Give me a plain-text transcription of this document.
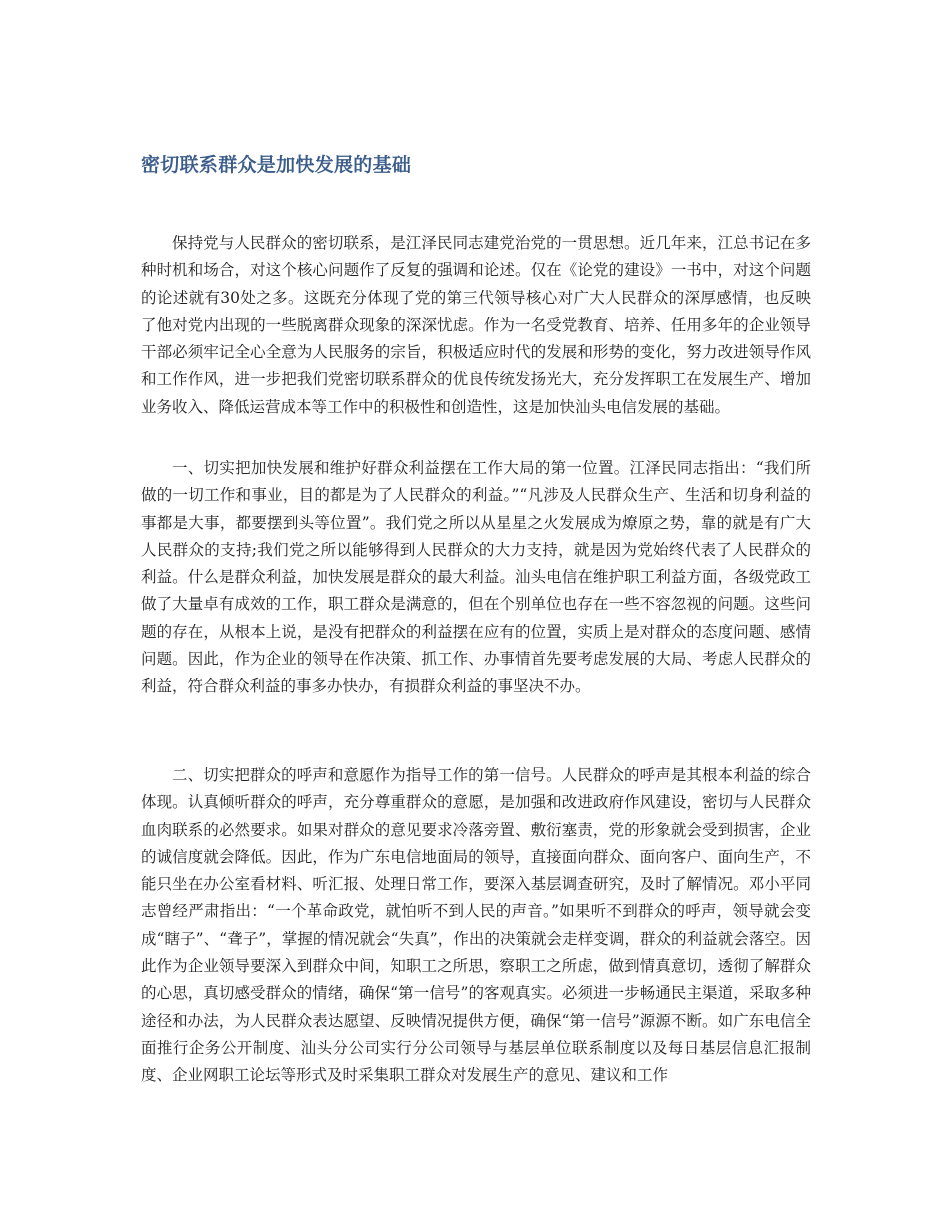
密切联系群众是加快发展的基础

保持党与人民群众的密切联系，是江泽民同志建党治党的一贯思想。近几年来，江总书记在多种时机和场合，对这个核心问题作了反复的强调和论述。仅在《论党的建设》一书中，对这个问题的论述就有30处之多。这既充分体现了党的第三代领导核心对广大人民群众的深厚感情，也反映了他对党内出现的一些脱离群众现象的深深忧虑。作为一名受党教育、培养、任用多年的企业领导干部必须牢记全心全意为人民服务的宗旨，积极适应时代的发展和形势的变化，努力改进领导作风和工作作风，进一步把我们党密切联系群众的优良传统发扬光大，充分发挥职工在发展生产、增加业务收入、降低运营成本等工作中的积极性和创造性，这是加快汕头电信发展的基础。

一、切实把加快发展和维护好群众利益摆在工作大局的第一位置。江泽民同志指出：“我们所做的一切工作和事业，目的都是为了人民群众的利益。”“凡涉及人民群众生产、生活和切身利益的事都是大事，都要摆到头等位置”。我们党之所以从星星之火发展成为燎原之势，靠的就是有广大人民群众的支持;我们党之所以能够得到人民群众的大力支持，就是因为党始终代表了人民群众的利益。什么是群众利益，加快发展是群众的最大利益。汕头电信在维护职工利益方面，各级党政工做了大量卓有成效的工作，职工群众是满意的，但在个别单位也存在一些不容忽视的问题。这些问题的存在，从根本上说，是没有把群众的利益摆在应有的位置，实质上是对群众的态度问题、感情问题。因此，作为企业的领导在作决策、抓工作、办事情首先要考虑发展的大局、考虑人民群众的利益，符合群众利益的事多办快办，有损群众利益的事坚决不办。

二、切实把群众的呼声和意愿作为指导工作的第一信号。人民群众的呼声是其根本利益的综合体现。认真倾听群众的呼声，充分尊重群众的意愿，是加强和改进政府作风建设，密切与人民群众血肉联系的必然要求。如果对群众的意见要求冷落旁置、敷衍塞责，党的形象就会受到损害，企业的诚信度就会降低。因此，作为广东电信地面局的领导，直接面向群众、面向客户、面向生产，不能只坐在办公室看材料、听汇报、处理日常工作，要深入基层调查研究，及时了解情况。邓小平同志曾经严肃指出：“一个革命政党，就怕听不到人民的声音。”如果听不到群众的呼声，领导就会变成“瞎子”、“聋子”，掌握的情况就会“失真”，作出的决策就会走样变调，群众的利益就会落空。因此作为企业领导要深入到群众中间，知职工之所思，察职工之所虑，做到情真意切，透彻了解群众的心思，真切感受群众的情绪，确保“第一信号”的客观真实。必须进一步畅通民主渠道，采取多种途径和办法，为人民群众表达愿望、反映情况提供方便，确保“第一信号”源源不断。如广东电信全面推行企务公开制度、汕头分公司实行分公司领导与基层单位联系制度以及每日基层信息汇报制度、企业网职工论坛等形式及时采集职工群众对发展生产的意见、建议和工作
